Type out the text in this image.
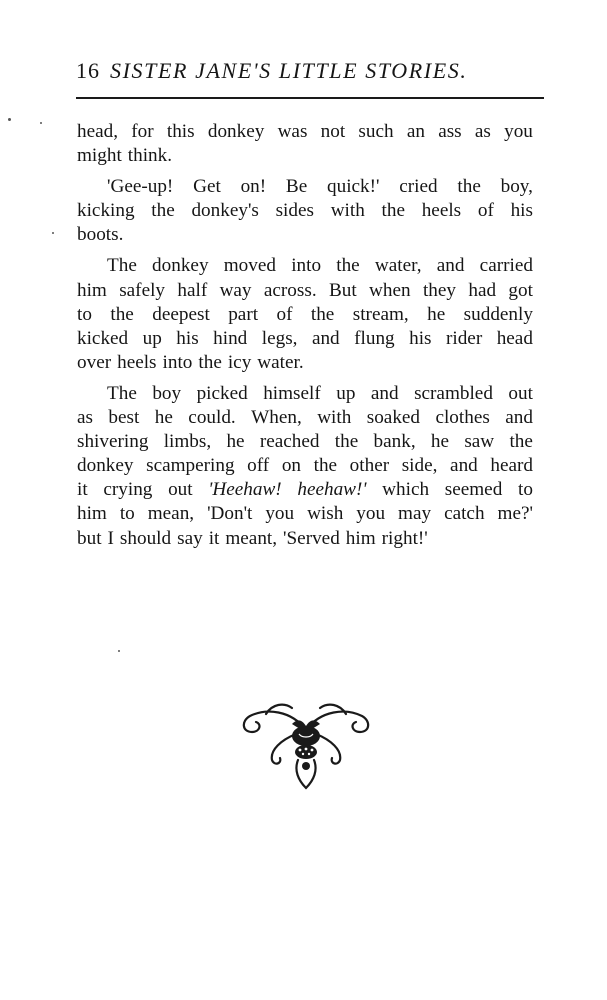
16 SISTER JANE'S LITTLE STORIES.
head, for this donkey was not such an ass as you
might think.
'Gee-up! Get on! Be quick!' cried the boy,
kicking the donkey's sides with the heels of his
boots.
The donkey moved into the water, and carried
him safely half way across. But when they had got
to the deepest part of the stream, he suddenly
kicked up his hind legs, and flung his rider head
over heels into the icy water.
The boy picked himself up and scrambled out
as best he could. When, with soaked clothes and
shivering limbs, he reached the bank, he saw the
donkey scampering off on the other side, and heard
it crying out 'Heehaw! heehaw!' which seemed to
him to mean, 'Don't you wish you may catch me?'
but I should say it meant, 'Served him right!'
